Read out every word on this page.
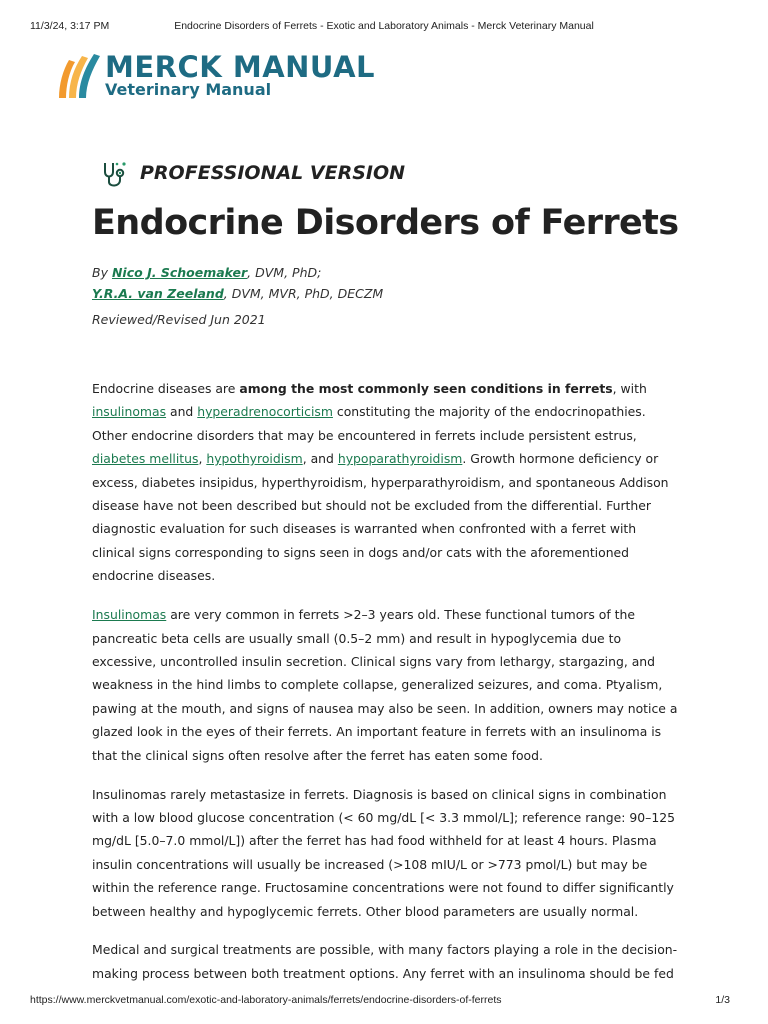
11/3/24, 3:17 PM	Endocrine Disorders of Ferrets - Exotic and Laboratory Animals - Merck Veterinary Manual
MERCK MANUAL
Veterinary Manual
PROFESSIONAL VERSION
Endocrine Disorders of Ferrets
By Nico J. Schoemaker, DVM, PhD;
Y.R.A. van Zeeland, DVM, MVR, PhD, DECZM
Reviewed/Revised Jun 2021

Endocrine diseases are among the most commonly seen conditions in ferrets, with insulinomas and hyperadrenocorticism constituting the majority of the endocrinopathies. Other endocrine disorders that may be encountered in ferrets include persistent estrus, diabetes mellitus, hypothyroidism, and hypoparathyroidism. Growth hormone deficiency or excess, diabetes insipidus, hyperthyroidism, hyperparathyroidism, and spontaneous Addison disease have not been described but should not be excluded from the differential. Further diagnostic evaluation for such diseases is warranted when confronted with a ferret with clinical signs corresponding to signs seen in dogs and/or cats with the aforementioned endocrine diseases.

Insulinomas are very common in ferrets >2–3 years old. These functional tumors of the pancreatic beta cells are usually small (0.5–2 mm) and result in hypoglycemia due to excessive, uncontrolled insulin secretion. Clinical signs vary from lethargy, stargazing, and weakness in the hind limbs to complete collapse, generalized seizures, and coma. Ptyalism, pawing at the mouth, and signs of nausea may also be seen. In addition, owners may notice a glazed look in the eyes of their ferrets. An important feature in ferrets with an insulinoma is that the clinical signs often resolve after the ferret has eaten some food.

Insulinomas rarely metastasize in ferrets. Diagnosis is based on clinical signs in combination with a low blood glucose concentration (< 60 mg/dL [< 3.3 mmol/L]; reference range: 90–125 mg/dL [5.0–7.0 mmol/L]) after the ferret has had food withheld for at least 4 hours. Plasma insulin concentrations will usually be increased (>108 mIU/L or >773 pmol/L) but may be within the reference range. Fructosamine concentrations were not found to differ significantly between healthy and hypoglycemic ferrets. Other blood parameters are usually normal.

Medical and surgical treatments are possible, with many factors playing a role in the decision-making process between both treatment options. Any ferret with an insulinoma should be fed

https://www.merckvetmanual.com/exotic-and-laboratory-animals/ferrets/endocrine-disorders-of-ferrets	1/3
